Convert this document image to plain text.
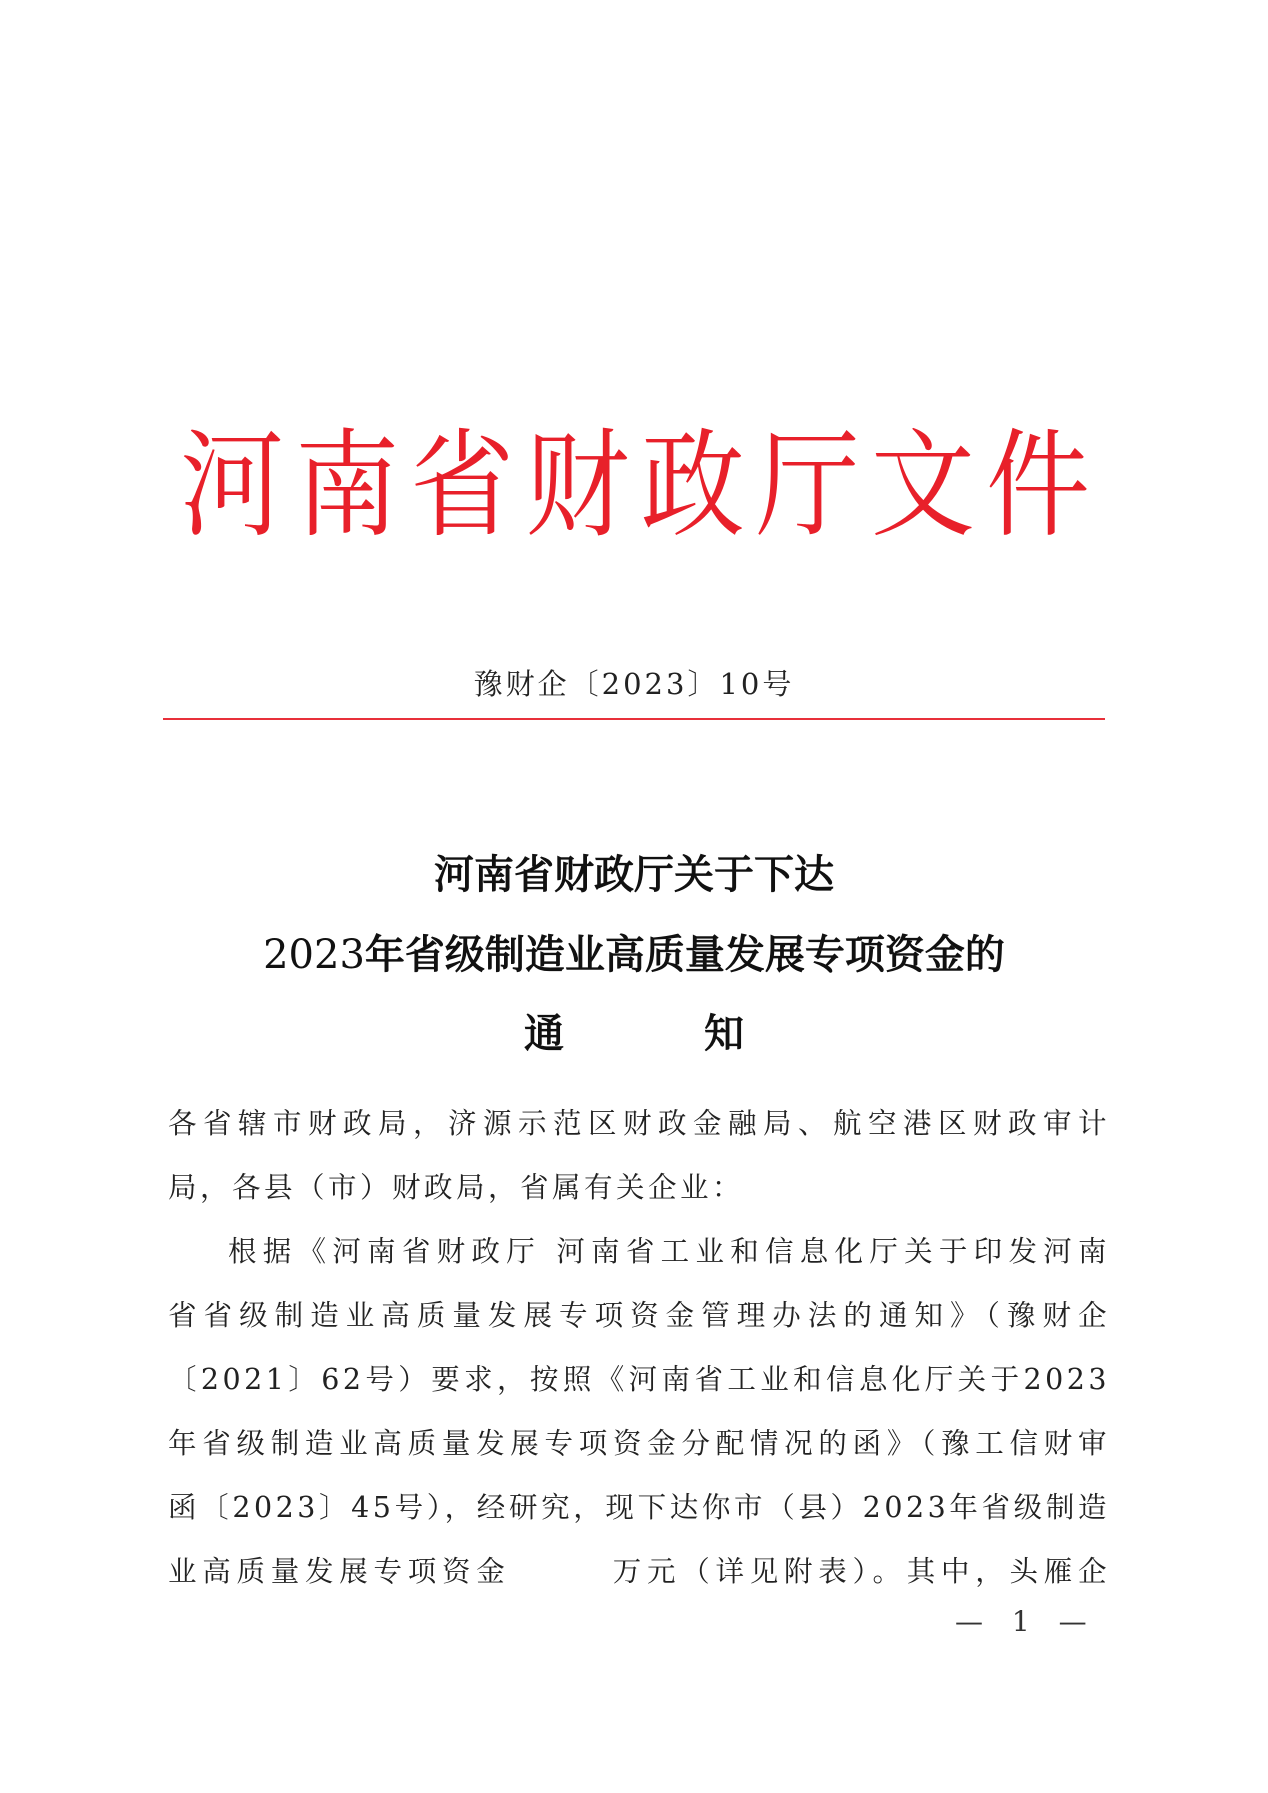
河 南 省 财 政 厅 文 件
豫财企〔2023〕10号
河南省财政厅关于下达
2023年省级制造业高质量发展专项资金的
通	知
各省辖市财政局，济源示范区财政金融局、航空港区财政审计
局，各县（市）财政局，省属有关企业：
根据《河南省财政厅 河南省工业和信息化厅关于印发河南
省省级制造业高质量发展专项资金管理办法的通知》（豫财企
〔2021〕62号）要求，按照《河南省工业和信息化厅关于2023
年省级制造业高质量发展专项资金分配情况的函》（豫工信财审
函〔2023〕45号），经研究，现下达你市（县）2023年省级制造
业高质量发展专项资金	万元（详见附表）。其中，头雁企
— 1 —
